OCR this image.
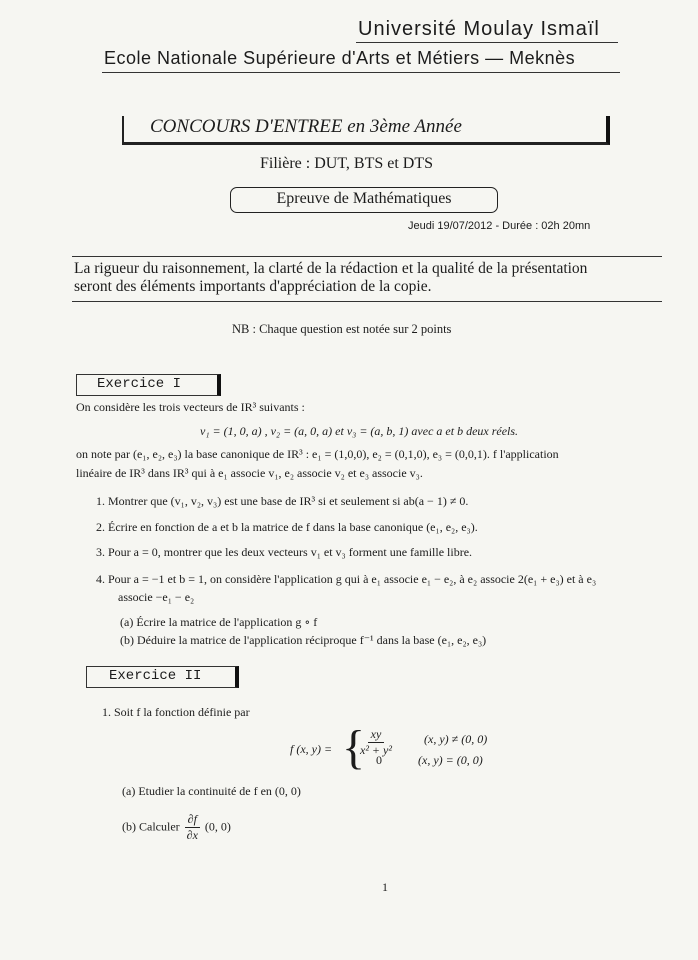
Université Moulay Ismaïl
Ecole Nationale Supérieure d'Arts et Métiers — Meknès
CONCOURS D'ENTREE en 3ème Année
Filière : DUT, BTS et DTS
Epreuve de Mathématiques
Jeudi 19/07/2012 - Durée : 02h 20mn
La rigueur du raisonnement, la clarté de la rédaction et la qualité de la présentation
seront des éléments importants d'appréciation de la copie.
NB : Chaque question est notée sur 2 points
Exercice I
On considère les trois vecteurs de IR³ suivants :
v₁ = (1, 0, a) , v₂ = (a, 0, a) et v₃ = (a, b, 1) avec a et b deux réels.
on note par (e₁, e₂, e₃) la base canonique de IR³ : e₁ = (1,0,0), e₂ = (0,1,0), e₃ = (0,0,1). f l'application
linéaire de IR³ dans IR³ qui à e₁ associe v₁, e₂ associe v₂ et e₃ associe v₃.
1. Montrer que (v₁, v₂, v₃) est une base de IR³ si et seulement si ab(a − 1) ≠ 0.
2. Écrire en fonction de a et b la matrice de f dans la base canonique (e₁, e₂, e₃).
3. Pour a = 0, montrer que les deux vecteurs v₁ et v₃ forment une famille libre.
4. Pour a = −1 et b = 1, on considère l'application g qui à e₁ associe e₁ − e₂, à e₂ associe 2(e₁ + e₃) et à e₃
associe −e₁ − e₂
(a) Écrire la matrice de l'application g ∘ f
(b) Déduire la matrice de l'application réciproque f⁻¹ dans la base (e₁, e₂, e₃)
Exercice II
1. Soit f la fonction définie par
f (x, y) = {
$\frac{xy}{\text{x² + y²}}$	(x, y) ≠ (0, 0)
0	(x, y) = (0, 0)
(a) Etudier la continuité de f en (0, 0)
(b) Calculer $\frac{\partial f}{\partial x} (0$, 0)
1
